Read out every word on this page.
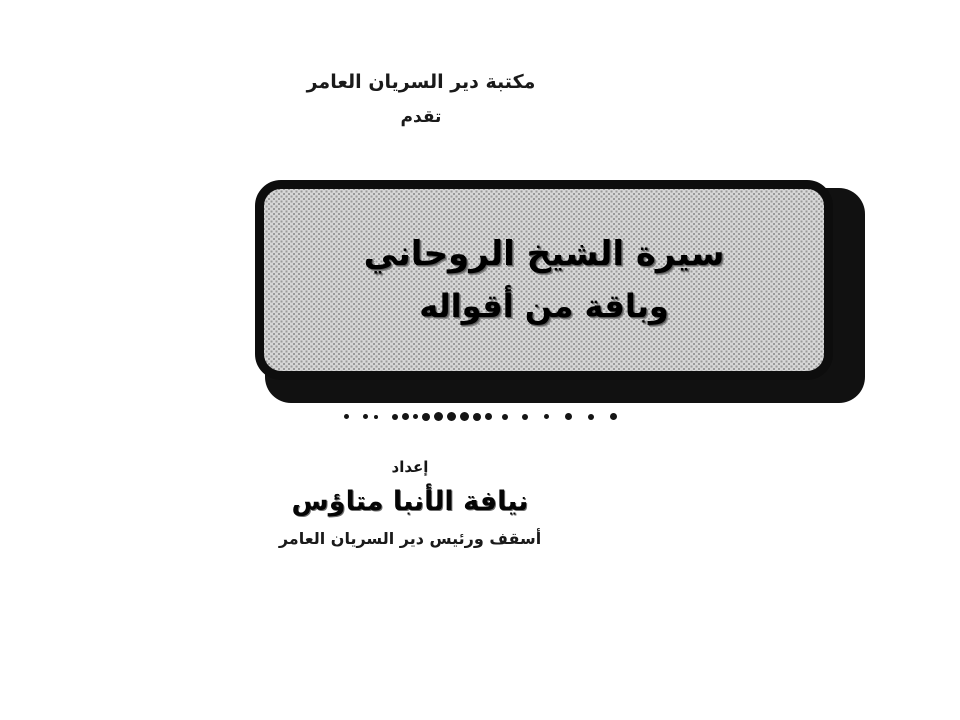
مكتبة دير السريان العامر
تقدم
سيرة الشيخ الروحاني
وباقة من أقواله
إعداد
نيافة الأنبا متاؤس
أسقف ورئيس دير السريان العامر
